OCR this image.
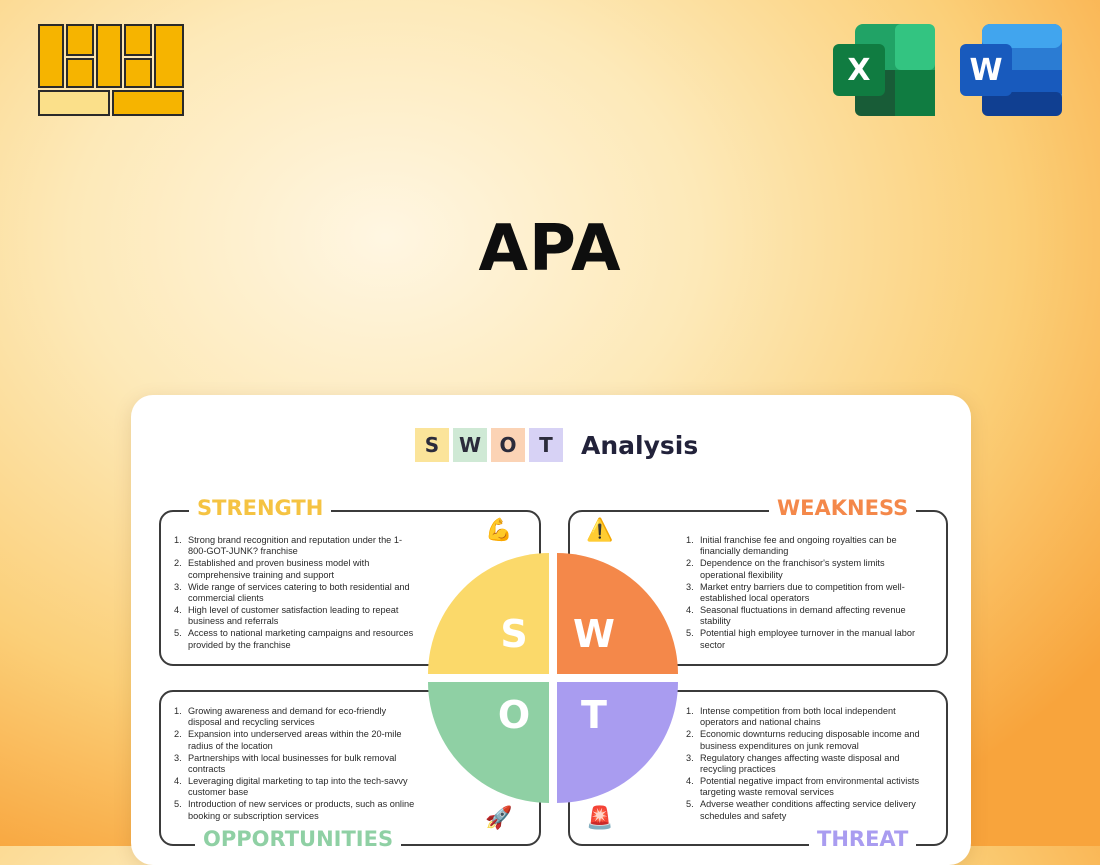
X	W
APA
S W O	T	Analysis
STRENGTH
💪
1. Strong brand recognition and reputation under the 1-800-GOT-JUNK? franchise
2. Established and proven business model with comprehensive training and support
3. Wide range of services catering to both residential and commercial clients
4. High level of customer satisfaction leading to repeat business and referrals
5. Access to national marketing campaigns and resources provided by the franchise
WEAKNESS
⚠️	1. Initial franchise fee and ongoing royalties can be financially demanding
2. Dependence on the franchisor's system limits operational flexibility
3. Market entry barriers due to competition from well-established local operators
4. Seasonal fluctuations in demand affecting revenue stability
5. Potential high employee turnover in the manual labor sector
OPPORTUNITIES
🚀
1. Growing awareness and demand for eco-friendly disposal and recycling services
2. Expansion into underserved areas within the 20-mile radius of the location
3. Partnerships with local businesses for bulk removal contracts
4. Leveraging digital marketing to tap into the tech-savvy customer base
5. Introduction of new services or products, such as online booking or subscription services
THREAT
🚨
1. Intense competition from both local independent operators and national chains
2. Economic downturns reducing disposable income and business expenditures on junk removal
3. Regulatory changes affecting waste disposal and recycling practices
4. Potential negative impact from environmental activists targeting waste removal services
5. Adverse weather conditions affecting service delivery schedules and safety
S W
O T
